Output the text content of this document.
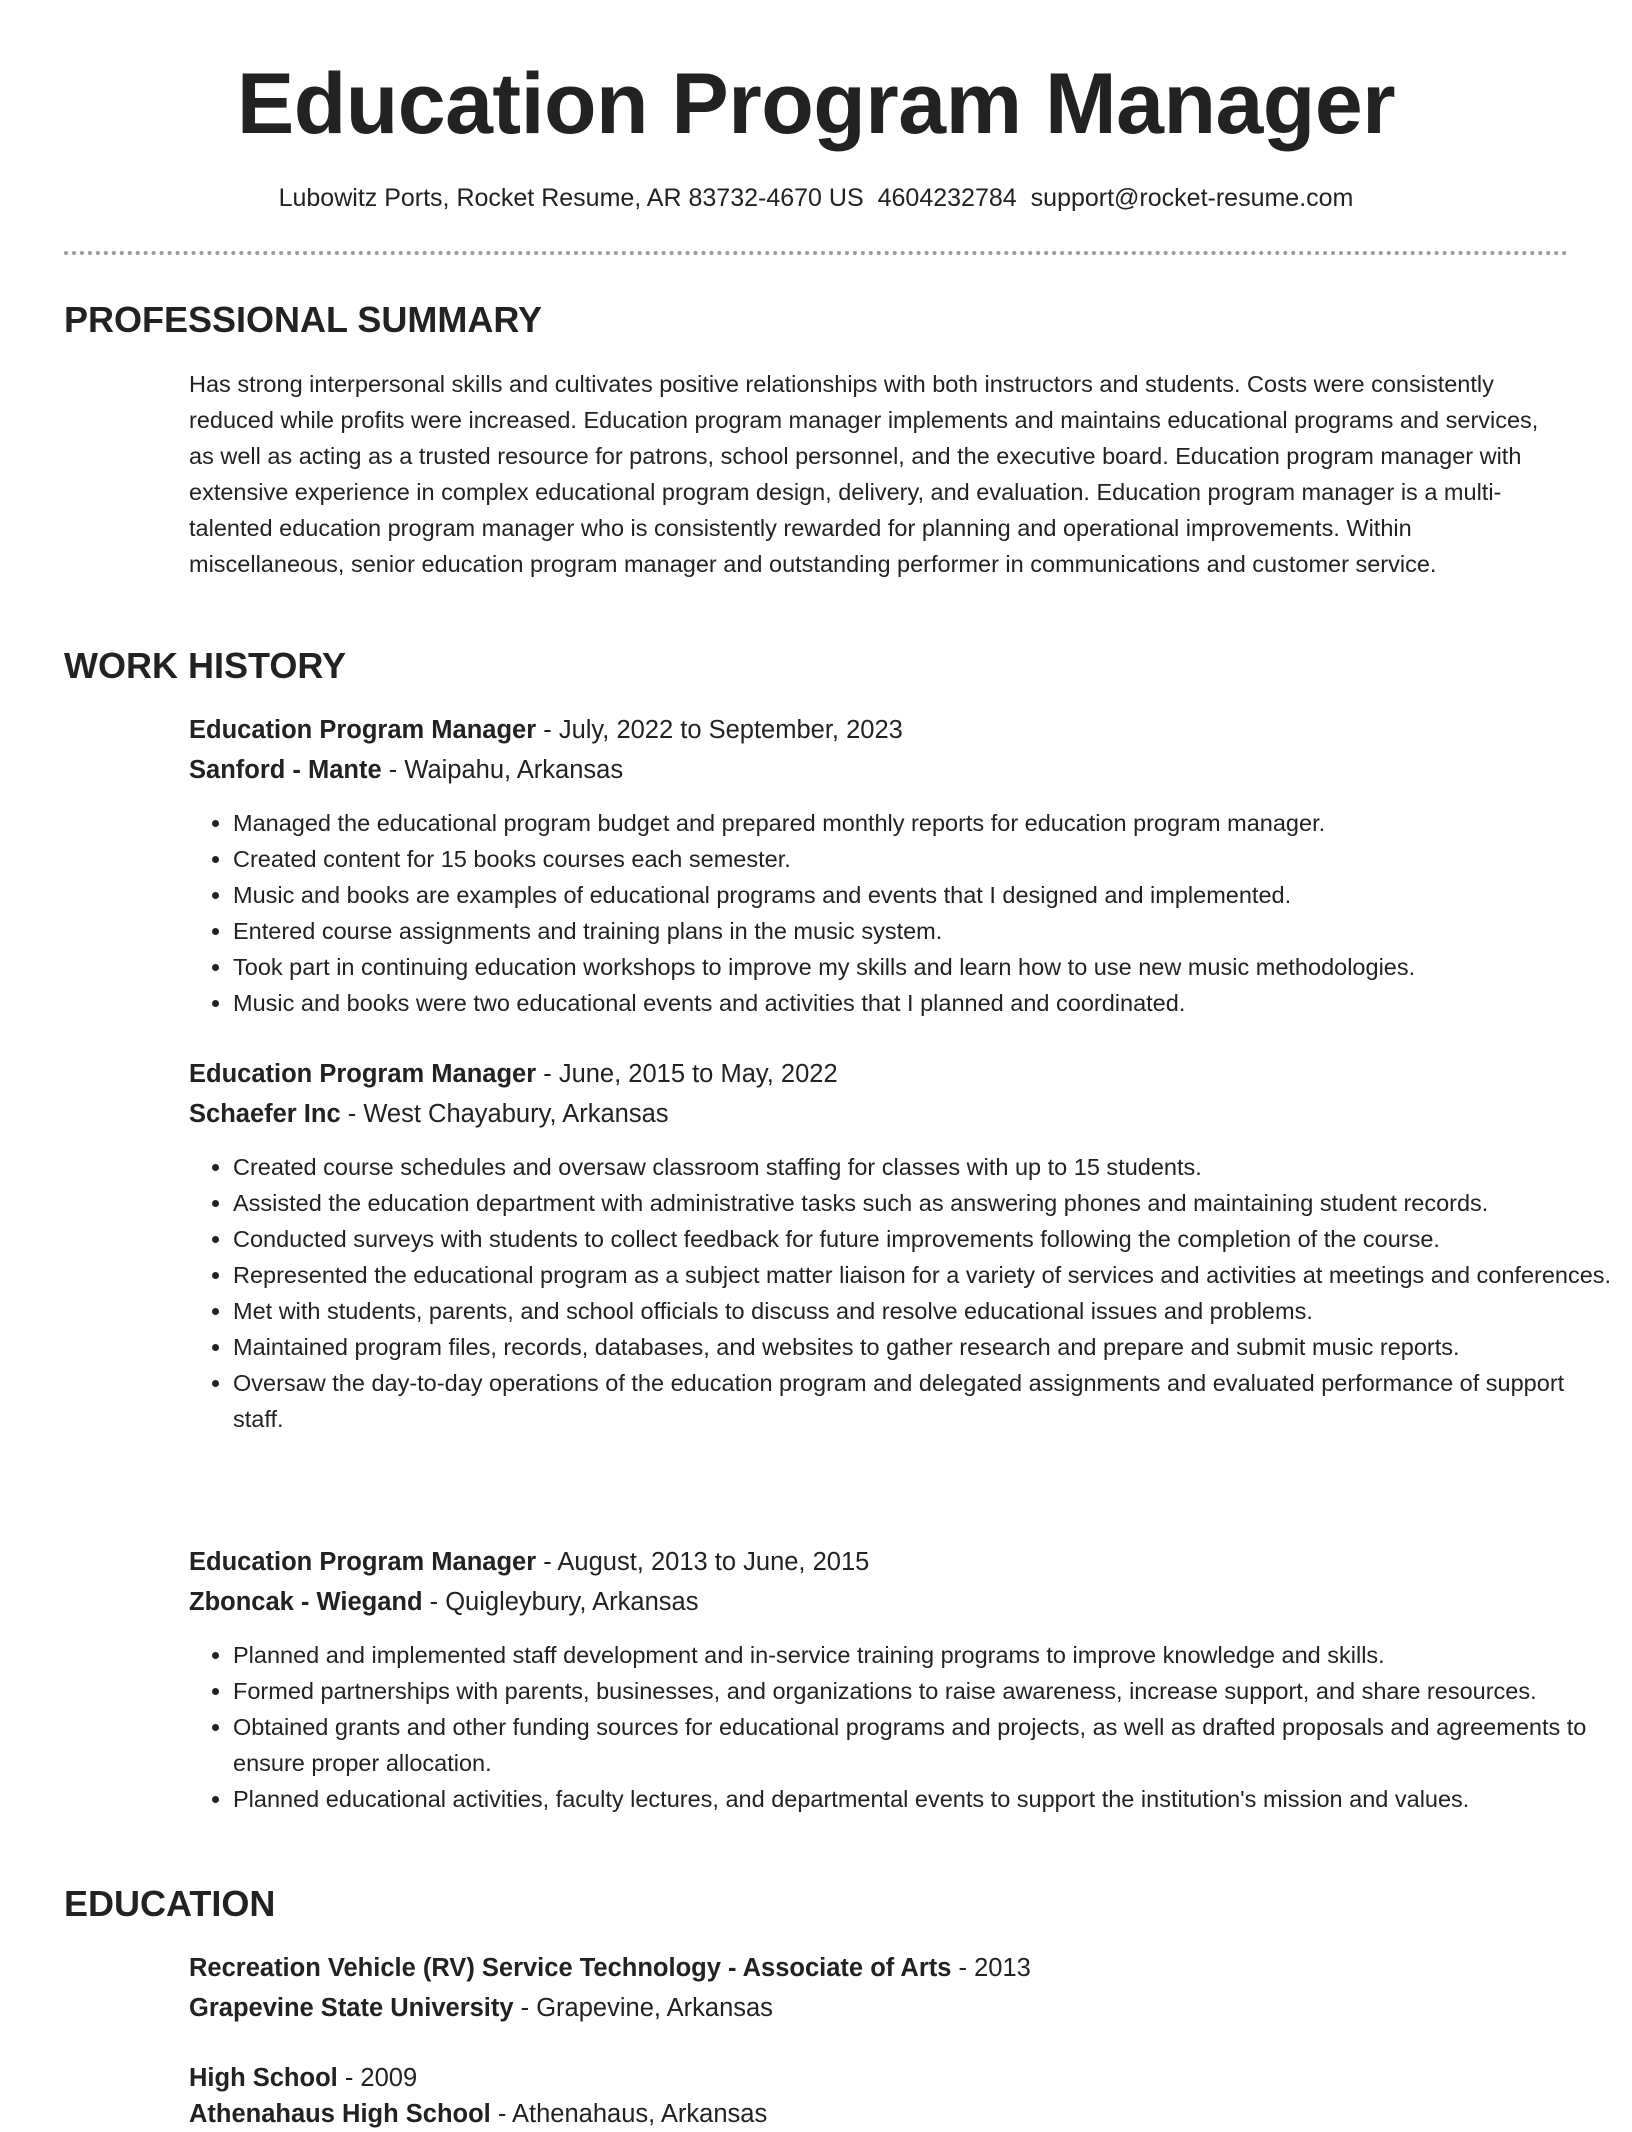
Education Program Manager
Lubowitz Ports, Rocket Resume, AR 83732-4670 US 4604232784 support@rocket-resume.com
PROFESSIONAL SUMMARY

Has strong interpersonal skills and cultivates positive relationships with both instructors and students. Costs were consistently reduced while profits were increased. Education program manager implements and maintains educational programs and services, as well as acting as a trusted resource for patrons, school personnel, and the executive board. Education program manager with extensive experience in complex educational program design, delivery, and evaluation. Education program manager is a multi-talented education program manager who is consistently rewarded for planning and operational improvements. Within miscellaneous, senior education program manager and outstanding performer in communications and customer service.

WORK HISTORY
Education Program Manager - July, 2022 to September, 2023
Sanford - Mante - Waipahu, Arkansas
• Managed the educational program budget and prepared monthly reports for education program manager.
• Created content for 15 books courses each semester.
• Music and books are examples of educational programs and events that I designed and implemented.
• Entered course assignments and training plans in the music system.
• Took part in continuing education workshops to improve my skills and learn how to use new music methodologies.
• Music and books were two educational events and activities that I planned and coordinated.
Education Program Manager - June, 2015 to May, 2022
Schaefer Inc - West Chayabury, Arkansas
• Created course schedules and oversaw classroom staffing for classes with up to 15 students.
• Assisted the education department with administrative tasks such as answering phones and maintaining student records.
• Conducted surveys with students to collect feedback for future improvements following the completion of the course.
• Represented the educational program as a subject matter liaison for a variety of services and activities at meetings and conferences.
• Met with students, parents, and school officials to discuss and resolve educational issues and problems.
• Maintained program files, records, databases, and websites to gather research and prepare and submit music reports.
• Oversaw the day-to-day operations of the education program and delegated assignments and evaluated performance of support staff.
Education Program Manager - August, 2013 to June, 2015
Zboncak - Wiegand - Quigleybury, Arkansas
• Planned and implemented staff development and in-service training programs to improve knowledge and skills.
• Formed partnerships with parents, businesses, and organizations to raise awareness, increase support, and share resources.
• Obtained grants and other funding sources for educational programs and projects, as well as drafted proposals and agreements to ensure proper allocation.
• Planned educational activities, faculty lectures, and departmental events to support the institution's mission and values.
EDUCATION
Recreation Vehicle (RV) Service Technology - Associate of Arts - 2013
Grapevine State University - Grapevine, Arkansas
High School - 2009
Athenahaus High School - Athenahaus, Arkansas
